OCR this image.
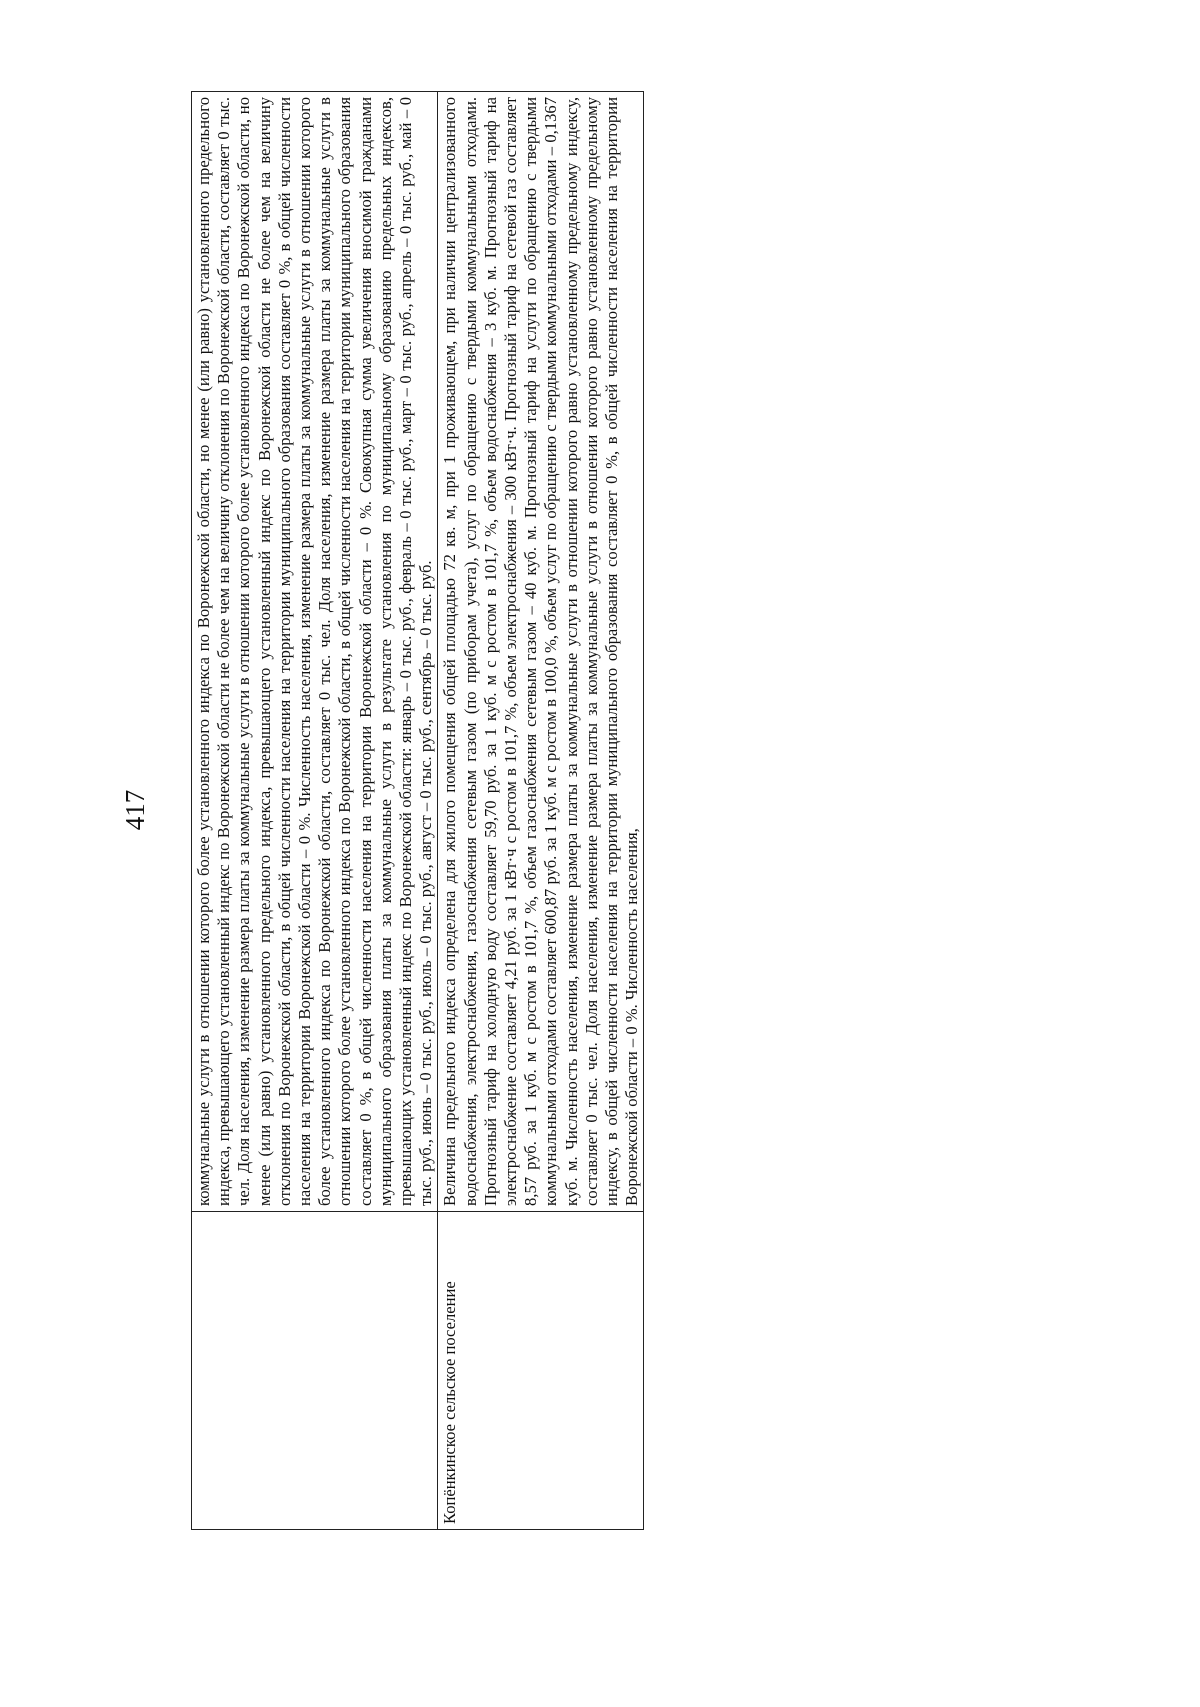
417
		коммунальные услуги в отношении которого более установленного индекса по Воронежской области, но менее (или равно) установленного предельного индекса, превышающего установленный индекс по Воронежской области не более чем на величину отклонения по Воронежской области, составляет 0 тыс. чел. Доля населения, изменение размера платы за коммунальные услуги в отношении которого более установленного индекса по Воронежской области, но менее (или равно) установленного предельного индекса, превышающего установленный индекс по Воронежской области не более чем на величину отклонения по Воронежской области, в общей численности населения на территории муниципального образования составляет 0 %, в общей численности населения на территории Воронежской области – 0 %. Численность населения, изменение размера платы за коммунальные услуги в отношении которого более установленного индекса по Воронежской области, составляет 0 тыс. чел. Доля населения, изменение размера платы за коммунальные услуги в отношении которого более установленного индекса по Воронежской области, в общей численности населения на территории муниципального образования составляет 0 %, в общей численности населения на территории Воронежской области – 0 %. Совокупная сумма увеличения вносимой гражданами муниципального образования платы за коммунальные услуги в результате установления по муниципальному образованию предельных индексов, превышающих установленный индекс по Воронежской области: январь – 0 тыс. руб., февраль – 0 тыс. руб., март – 0 тыс. руб., апрель – 0 тыс. руб., май – 0 тыс. руб., июнь – 0 тыс. руб., июль – 0 тыс. руб., август – 0 тыс. руб., сентябрь – 0 тыс. руб.
Копёнкинское сельское поселение	Величина предельного индекса определена для жилого помещения общей площадью 72 кв. м, при 1 проживающем, при наличии централизованного водоснабжения, электроснабжения, газоснабжения сетевым газом (по приборам учета), услуг по обращению с твердыми коммунальными отходами. Прогнозный тариф на холодную воду составляет 59,70 руб. за 1 куб. м с ростом в 101,7 %, объем водоснабжения – 3 куб. м. Прогнозный тариф на электроснабжение составляет 4,21 руб. за 1 кВт·ч с ростом в 101,7 %, объем электроснабжения – 300 кВт·ч. Прогнозный тариф на сетевой газ составляет 8,57 руб. за 1 куб. м с ростом в 101,7 %, объем газоснабжения сетевым газом – 40 куб. м. Прогнозный тариф на услуги по обращению с твердыми коммунальными отходами составляет 600,87 руб. за 1 куб. м с ростом в 100,0 %, объем услуг по обращению с твердыми коммунальными отходами – 0,1367 куб. м. Численность населения, изменение размера платы за коммунальные услуги в отношении которого равно установленному предельному индексу, составляет 0 тыс. чел. Доля населения, изменение размера платы за коммунальные услуги в отношении которого равно установленному предельному индексу, в общей численности населения на территории муниципального образования составляет 0 %, в общей численности населения на территории Воронежской области – 0 %. Численность населения,
